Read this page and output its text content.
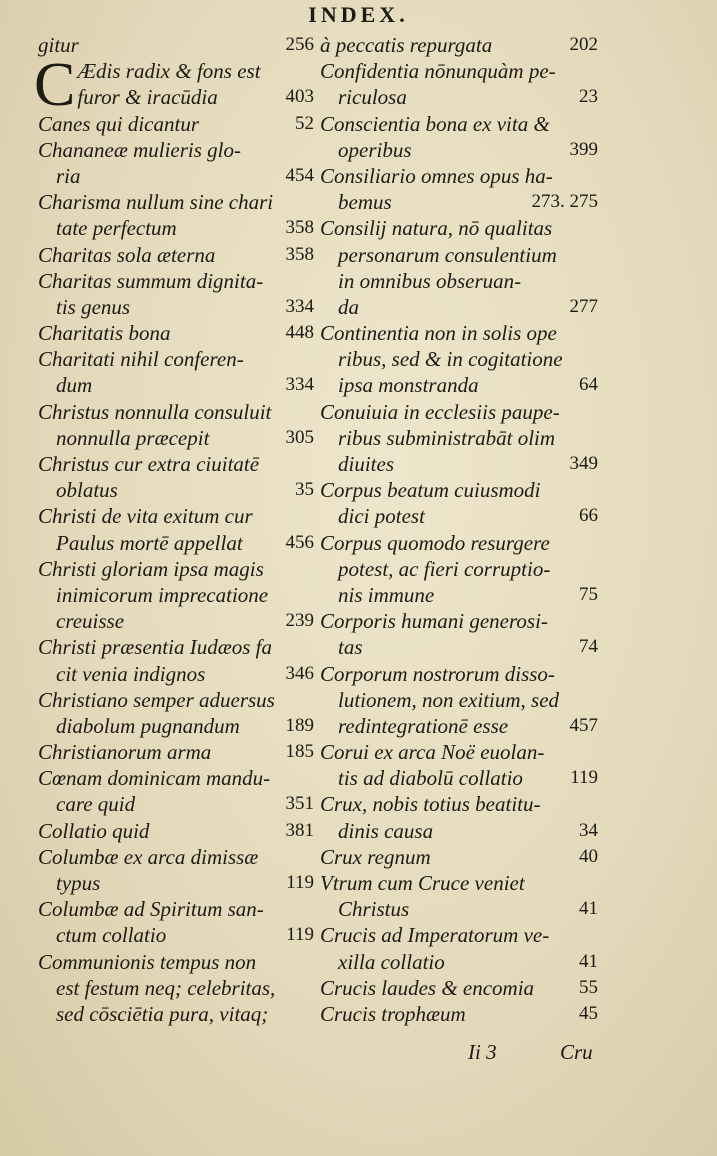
INDEX.
gitur	256
C Ædis radix & fons est
furor & iracūdia	403
Canes qui dicantur	52
Chananeæ mulieris glo-
ria	454
Charisma nullum sine chari
tate perfectum	358
Charitas sola æterna	358
Charitas summum dignita-
tis genus	334
Charitatis bona	448
Charitati nihil conferen-
dum	334
Christus nonnulla consuluit
nonnulla præcepit	305
Christus cur extra ciuitatē
oblatus	35
Christi de vita exitum cur
Paulus mortē appellat 456
Christi gloriam ipsa magis
inimicorum imprecatione
creuisse	239
Christi præsentia Iudæos fa
cit venia indignos	346
Christiano semper aduersus
diabolum pugnandum 189
Christianorum arma	185
Cœnam dominicam mandu-
care quid	351
Collatio quid	381
Columbæ ex arca dimissæ
typus	119
Columbæ ad Spiritum san-
ctum collatio	119
Communionis tempus non
est festum neq; celebritas,
sed cōsciētia pura, vitaq;
à peccatis repurgata	202
Confidentia nōnunquàm pe-
riculosa	23
Conscientia bona ex vita &
operibus	399
Consiliario omnes opus ha-
bemus	273. 275
Consilij natura, nō qualitas
personarum consulentium
in omnibus obseruan-
da	277
Continentia non in solis ope
ribus, sed & in cogitatione
ipsa monstranda	64
Conuiuia in ecclesiis paupe-
ribus subministrabāt olim
diuites	349
Corpus beatum cuiusmodi
dici potest	66
Corpus quomodo resurgere
potest, ac fieri corruptio-
nis immune	75
Corporis humani generosi-
tas	74
Corporum nostrorum disso-
lutionem, non exitium, sed
redintegrationē esse	457
Corui ex arca Noë euolan-
tis ad diabolū collatio 119
Crux, nobis totius beatitu-
dinis causa	34
Crux regnum	40
Vtrum cum Cruce veniet
Christus	41
Crucis ad Imperatorum ve-
xilla collatio	41
Crucis laudes & encomia 55
Crucis trophæum	45
Ii 3	Cru
